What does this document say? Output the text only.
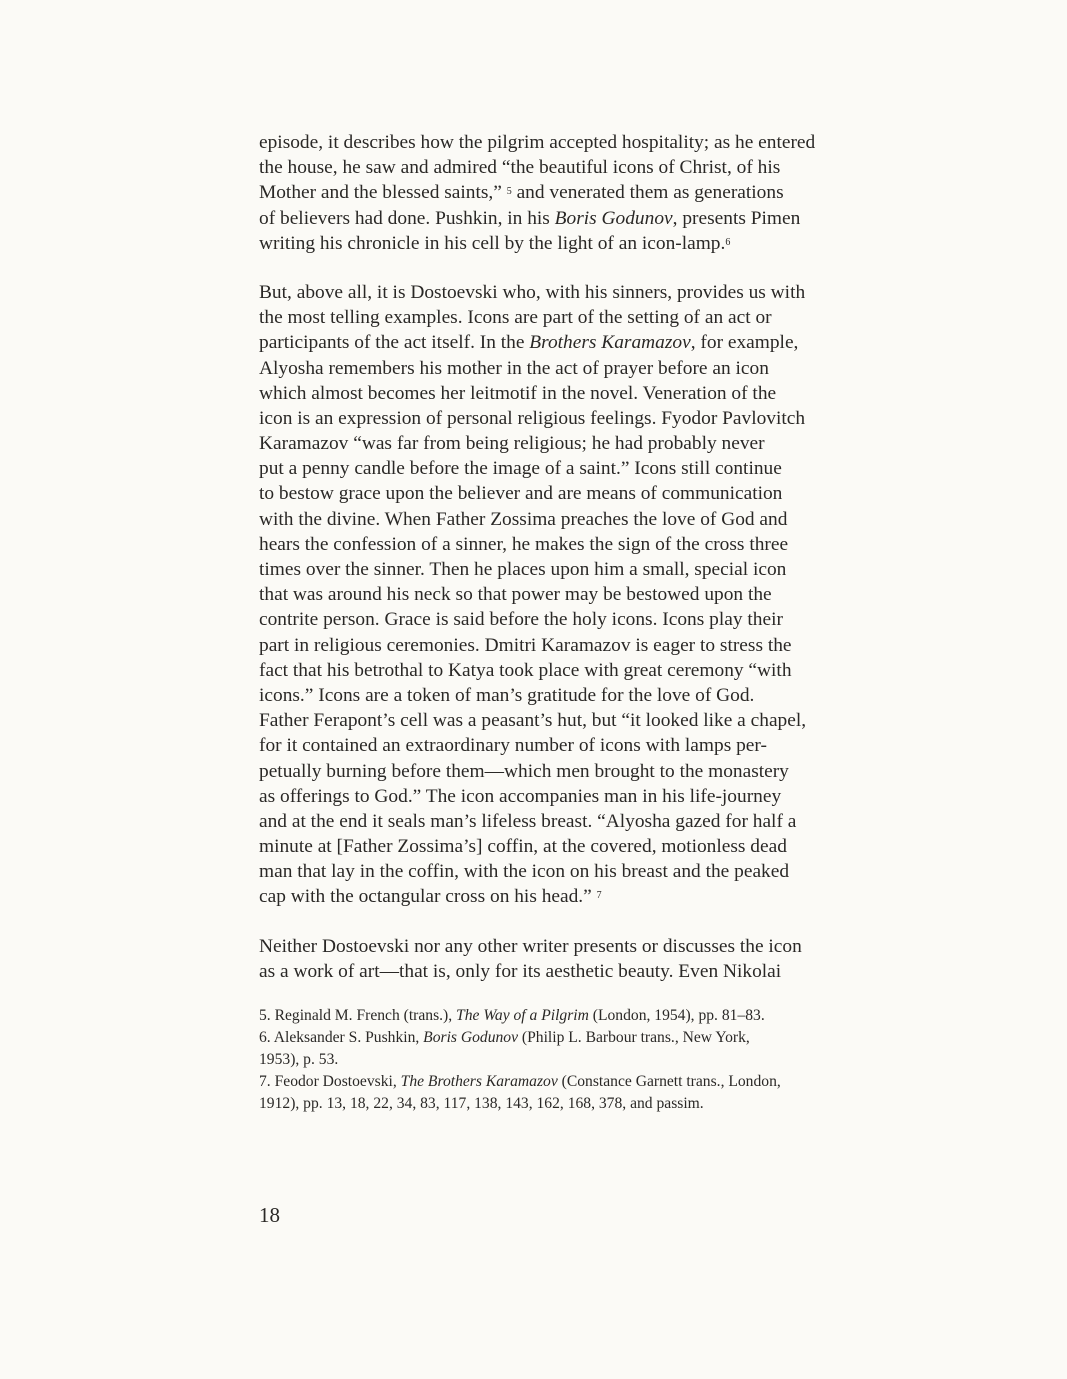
episode, it describes how the pilgrim accepted hospitality; as he entered
the house, he saw and admired “the beautiful icons of Christ, of his
Mother and the blessed saints,” $^5$ and venerated them as generations
of believers had done. Pushkin, in his Boris Godunov, presents Pimen
writing his chronicle in his cell by the light of an icon-lamp.$^6$
But, above all, it is Dostoevski who, with his sinners, provides us with
the most telling examples. Icons are part of the setting of an act or
participants of the act itself. In the Brothers Karamazov, for example,
Alyosha remembers his mother in the act of prayer before an icon
which almost becomes her leitmotif in the novel. Veneration of the
icon is an expression of personal religious feelings. Fyodor Pavlovitch
Karamazov “was far from being religious; he had probably never
put a penny candle before the image of a saint.” Icons still continue
to bestow grace upon the believer and are means of communication
with the divine. When Father Zossima preaches the love of God and
hears the confession of a sinner, he makes the sign of the cross three
times over the sinner. Then he places upon him a small, special icon
that was around his neck so that power may be bestowed upon the
contrite person. Grace is said before the holy icons. Icons play their
part in religious ceremonies. Dmitri Karamazov is eager to stress the
fact that his betrothal to Katya took place with great ceremony “with
icons.” Icons are a token of man’s gratitude for the love of God.
Father Ferapont’s cell was a peasant’s hut, but “it looked like a chapel,
for it contained an extraordinary number of icons with lamps per-
petually burning before them—which men brought to the monastery
as offerings to God.” The icon accompanies man in his life-journey
and at the end it seals man’s lifeless breast. “Alyosha gazed for half a
minute at [Father Zossima’s] coffin, at the covered, motionless dead
man that lay in the coffin, with the icon on his breast and the peaked
cap with the octangular cross on his head.” $^7$
Neither Dostoevski nor any other writer presents or discusses the icon
as a work of art—that is, only for its aesthetic beauty. Even Nikolai
5. Reginald M. French (trans.), The Way of a Pilgrim (London, 1954), pp. 81–83.
6. Aleksander S. Pushkin, Boris Godunov (Philip L. Barbour trans., New York,
1953), p. 53.
7. Feodor Dostoevski, The Brothers Karamazov (Constance Garnett trans., London,
1912), pp. 13, 18, 22, 34, 83, 117, 138, 143, 162, 168, 378, and passim.
18
